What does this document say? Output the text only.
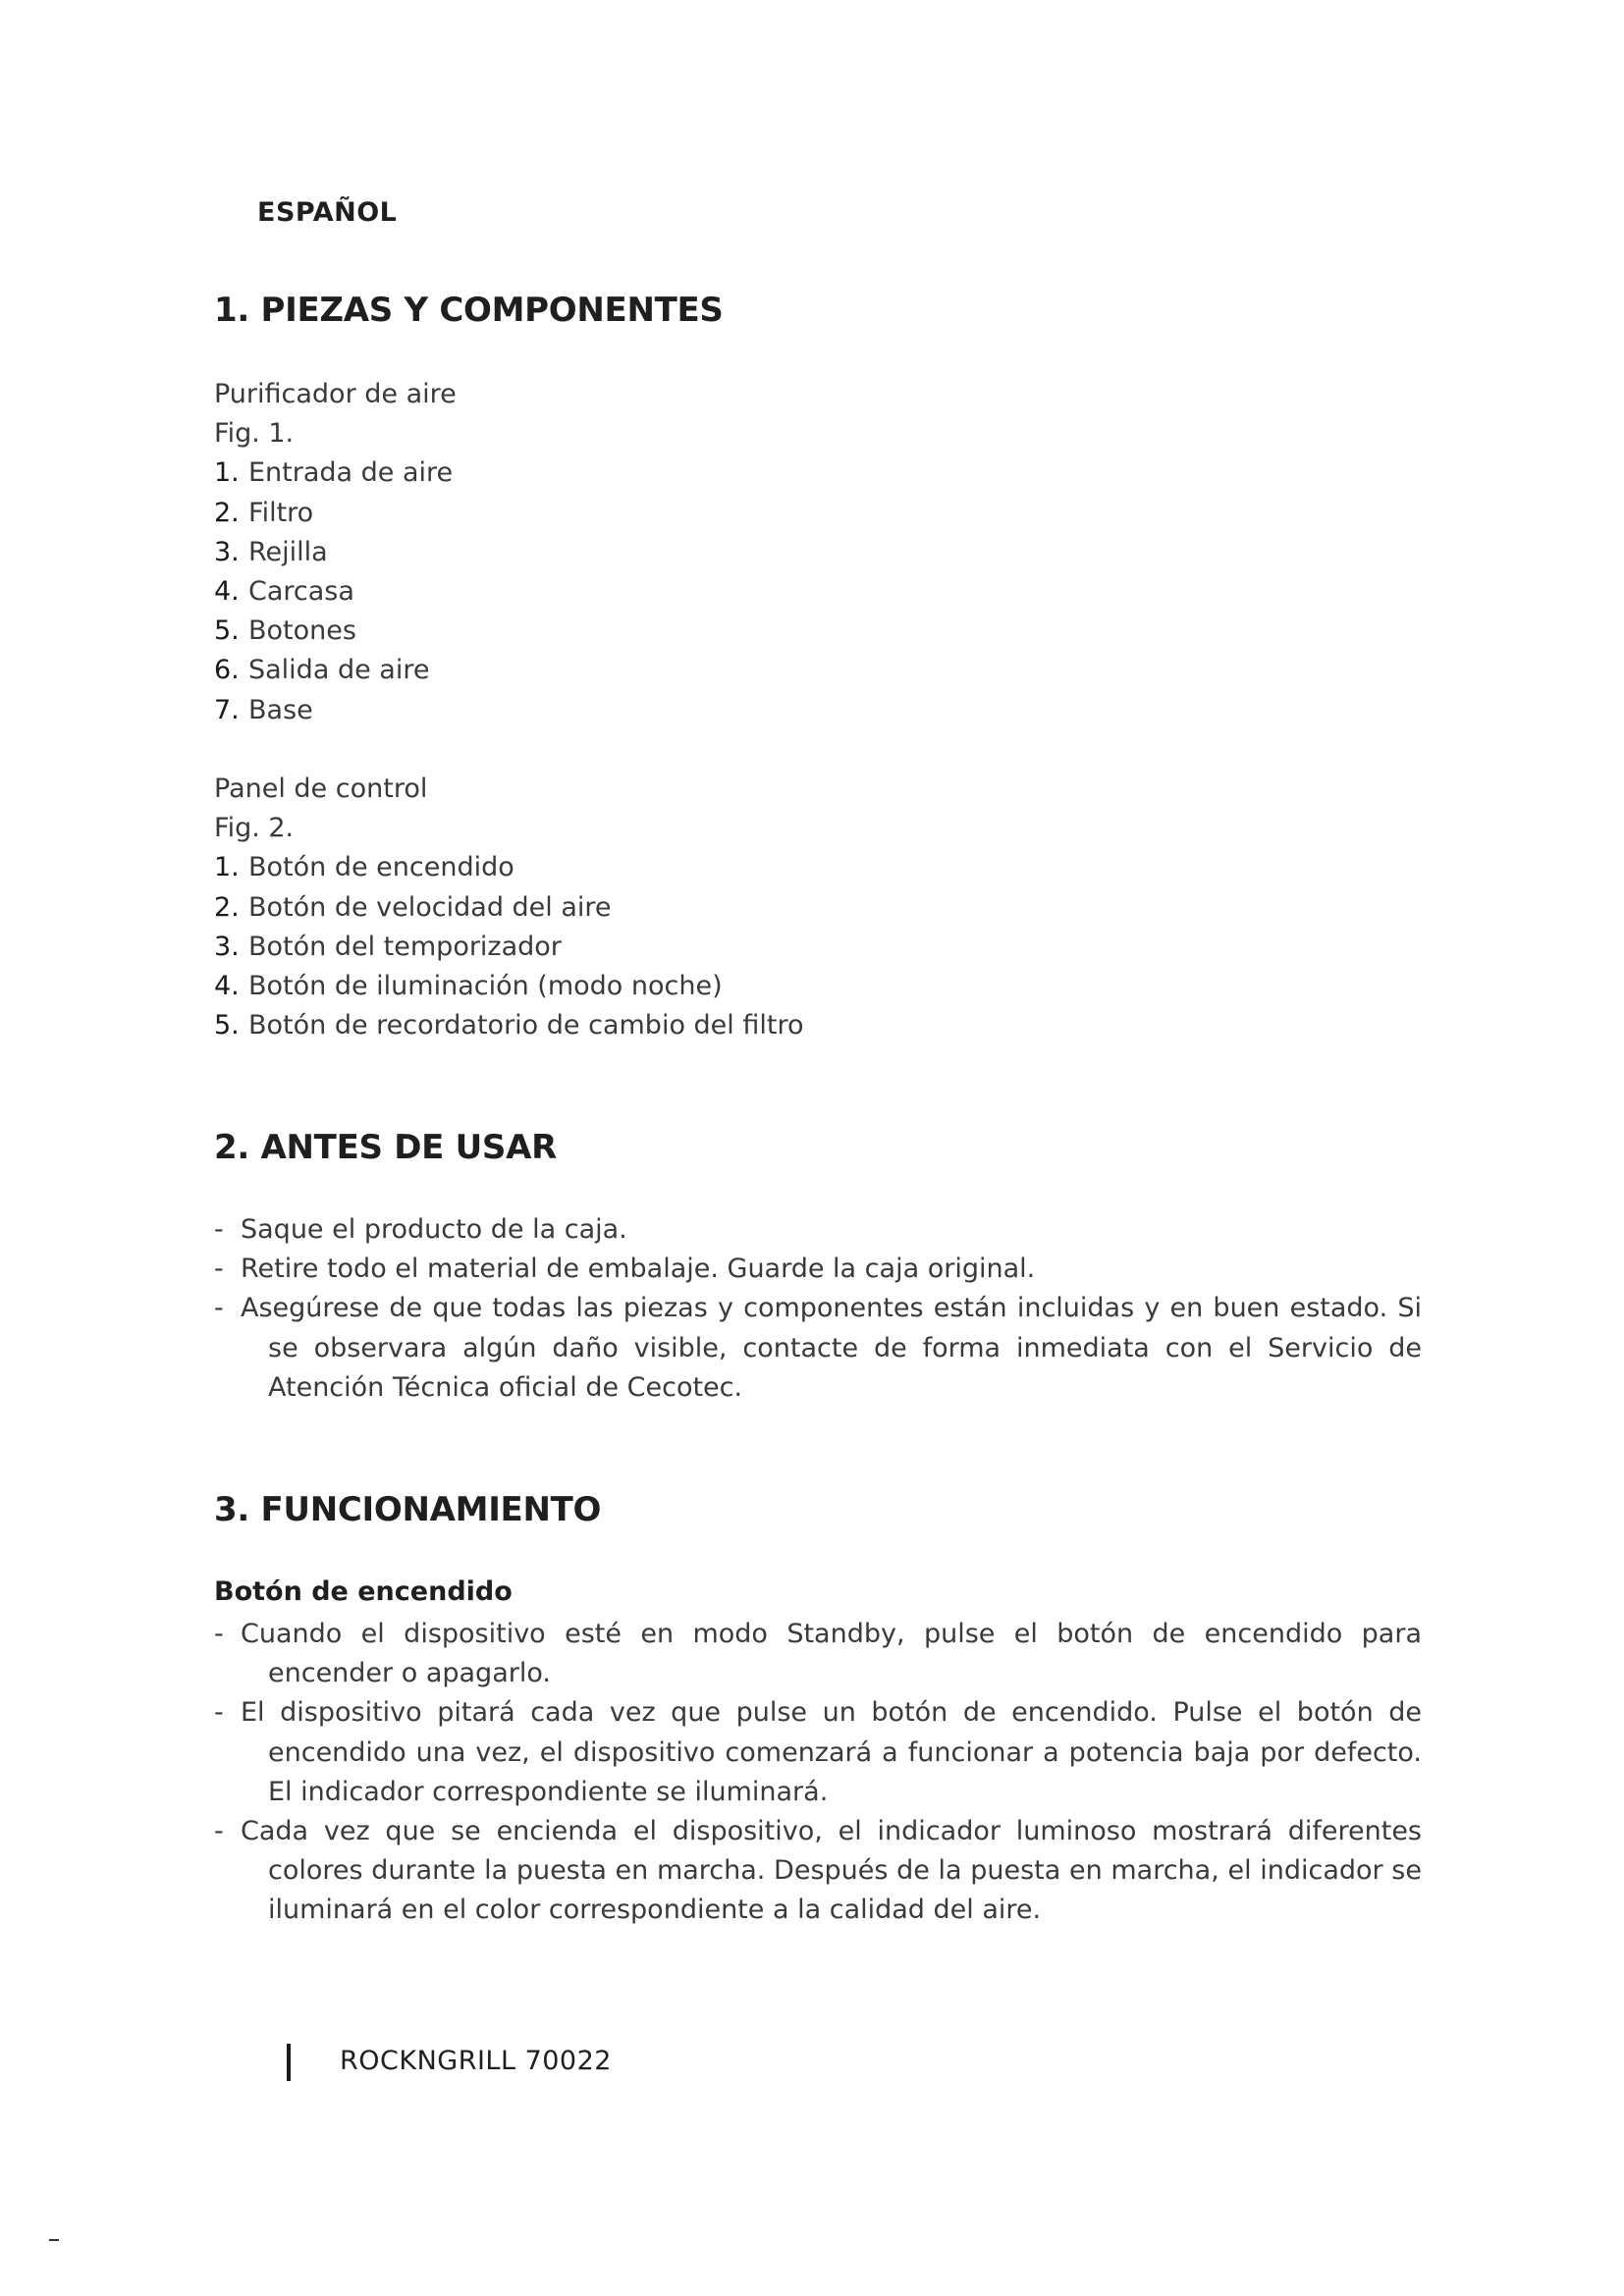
ESPAÑOL
1. PIEZAS Y COMPONENTES
Purificador de aire
Fig. 1.
1. Entrada de aire
2. Filtro
3. Rejilla
4. Carcasa
5. Botones
6. Salida de aire
7. Base
Panel de control
Fig. 2.
1. Botón de encendido
2. Botón de velocidad del aire
3. Botón del temporizador
4. Botón de iluminación (modo noche)
5. Botón de recordatorio de cambio del filtro
2. ANTES DE USAR
- Saque el producto de la caja.
- Retire todo el material de embalaje. Guarde la caja original.
- Asegúrese de que todas las piezas y componentes están incluidas y en buen estado. Si se observara algún daño visible, contacte de forma inmediata con el Servicio de Atención Técnica oficial de Cecotec.
3. FUNCIONAMIENTO
Botón de encendido
- Cuando el dispositivo esté en modo Standby, pulse el botón de encendido para encender o apagarlo.
- El dispositivo pitará cada vez que pulse un botón de encendido. Pulse el botón de encendido una vez, el dispositivo comenzará a funcionar a potencia baja por defecto. El indicador correspondiente se iluminará.
- Cada vez que se encienda el dispositivo, el indicador luminoso mostrará diferentes colores durante la puesta en marcha. Después de la puesta en marcha, el indicador se iluminará en el color correspondiente a la calidad del aire.
ROCKNGRILL 70022
